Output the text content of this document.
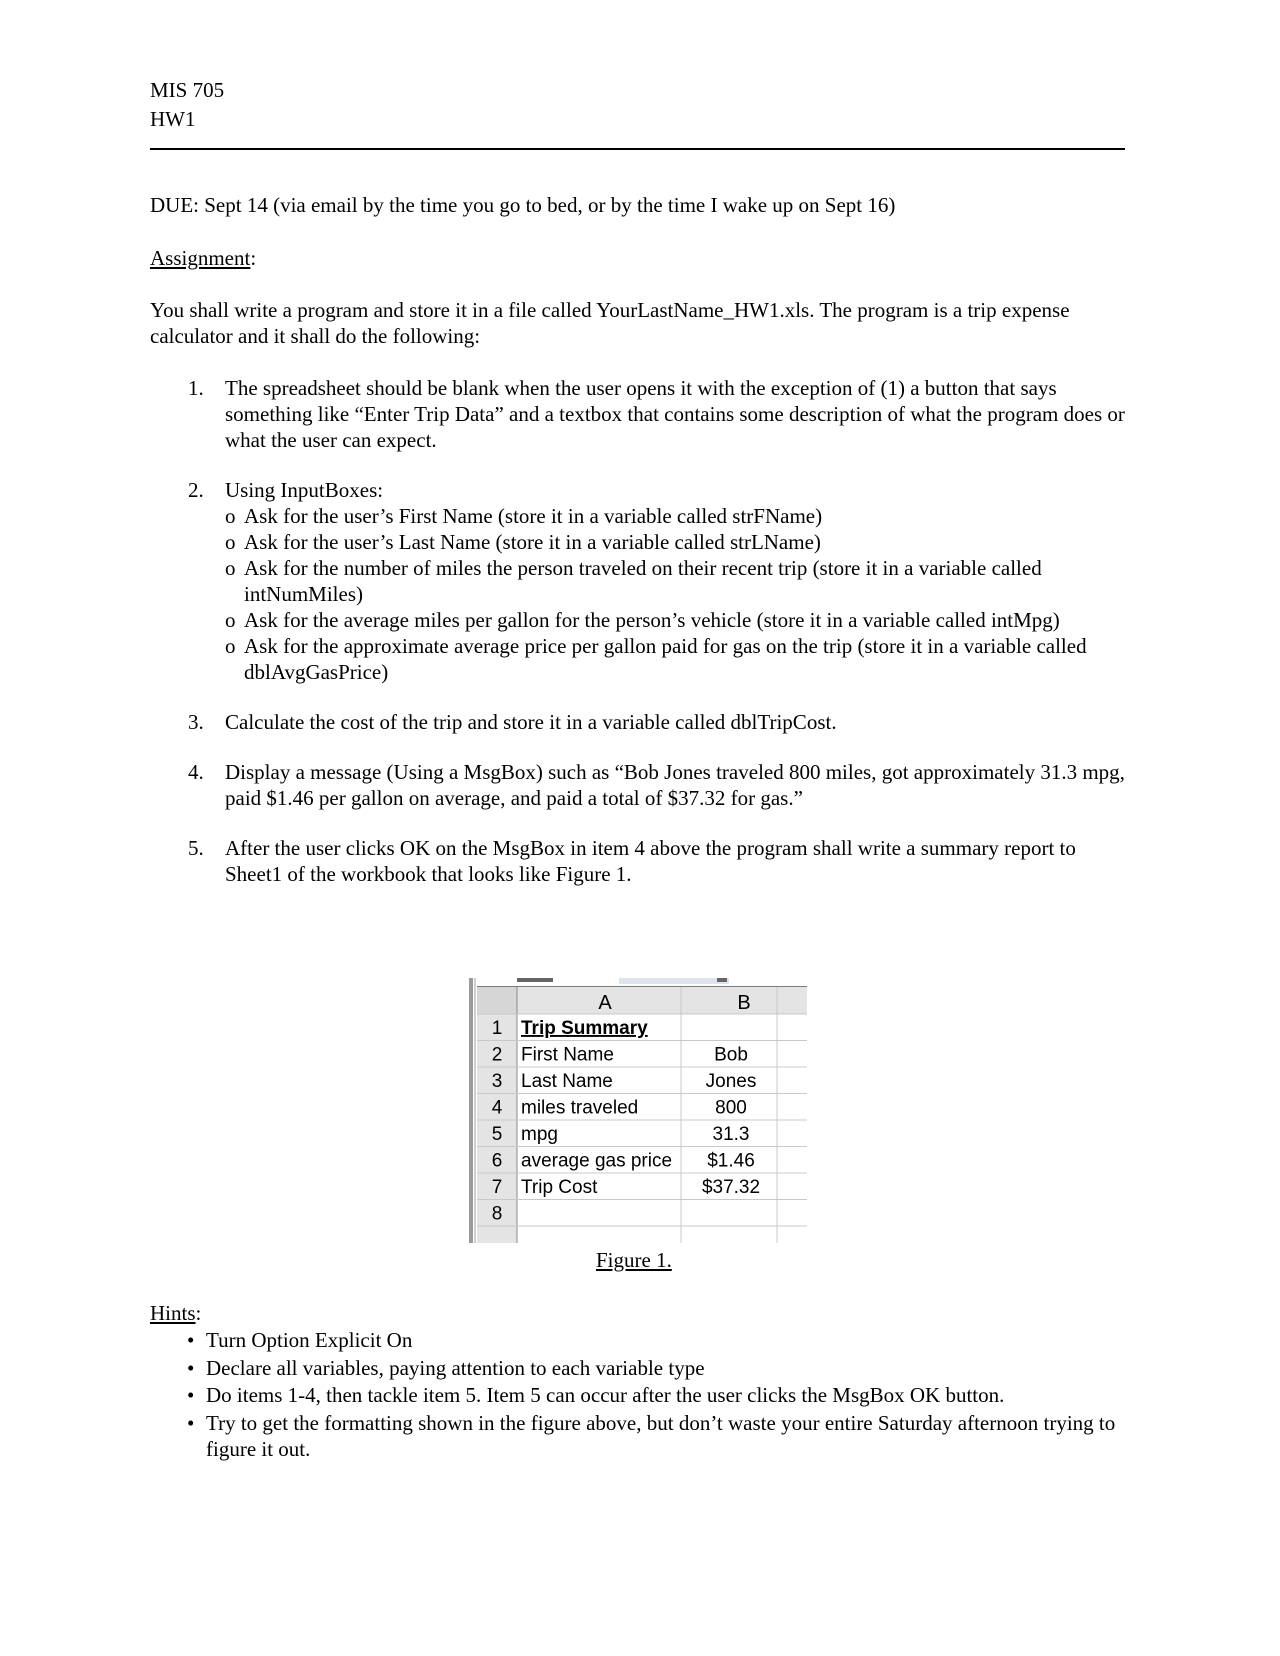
MIS 705
HW1
DUE: Sept 14 (via email by the time you go to bed, or by the time I wake up on Sept 16)
Assignment:
You shall write a program and store it in a file called YourLastName_HW1.xls. The program is a trip expense calculator and it shall do the following:
1. The spreadsheet should be blank when the user opens it with the exception of (1) a button that says something like “Enter Trip Data” and a textbox that contains some description of what the program does or what the user can expect.
2. Using InputBoxes:
o Ask for the user’s First Name (store it in a variable called strFName)
o Ask for the user’s Last Name (store it in a variable called strLName)
o Ask for the number of miles the person traveled on their recent trip (store it in a variable called intNumMiles)
o Ask for the average miles per gallon for the person’s vehicle (store it in a variable called intMpg)
o Ask for the approximate average price per gallon paid for gas on the trip (store it in a variable called dblAvgGasPrice)
3. Calculate the cost of the trip and store it in a variable called dblTripCost.
4. Display a message (Using a MsgBox) such as “Bob Jones traveled 800 miles, got approximately 31.3 mpg, paid $1.46 per gallon on average, and paid a total of $37.32 for gas.”
5. After the user clicks OK on the MsgBox in item 4 above the program shall write a summary report to Sheet1 of the workbook that looks like Figure 1.
A	B
1 Trip Summary
2 First Name	Bob
3 Last Name	Jones
4 miles traveled	800
5 mpg	31.3
6 average gas price $1.46
7 Trip Cost	$37.32
8
Figure 1.
Hints:
• Turn Option Explicit On
• Declare all variables, paying attention to each variable type
• Do items 1-4, then tackle item 5. Item 5 can occur after the user clicks the MsgBox OK button.
• Try to get the formatting shown in the figure above, but don’t waste your entire Saturday afternoon trying to figure it out.
